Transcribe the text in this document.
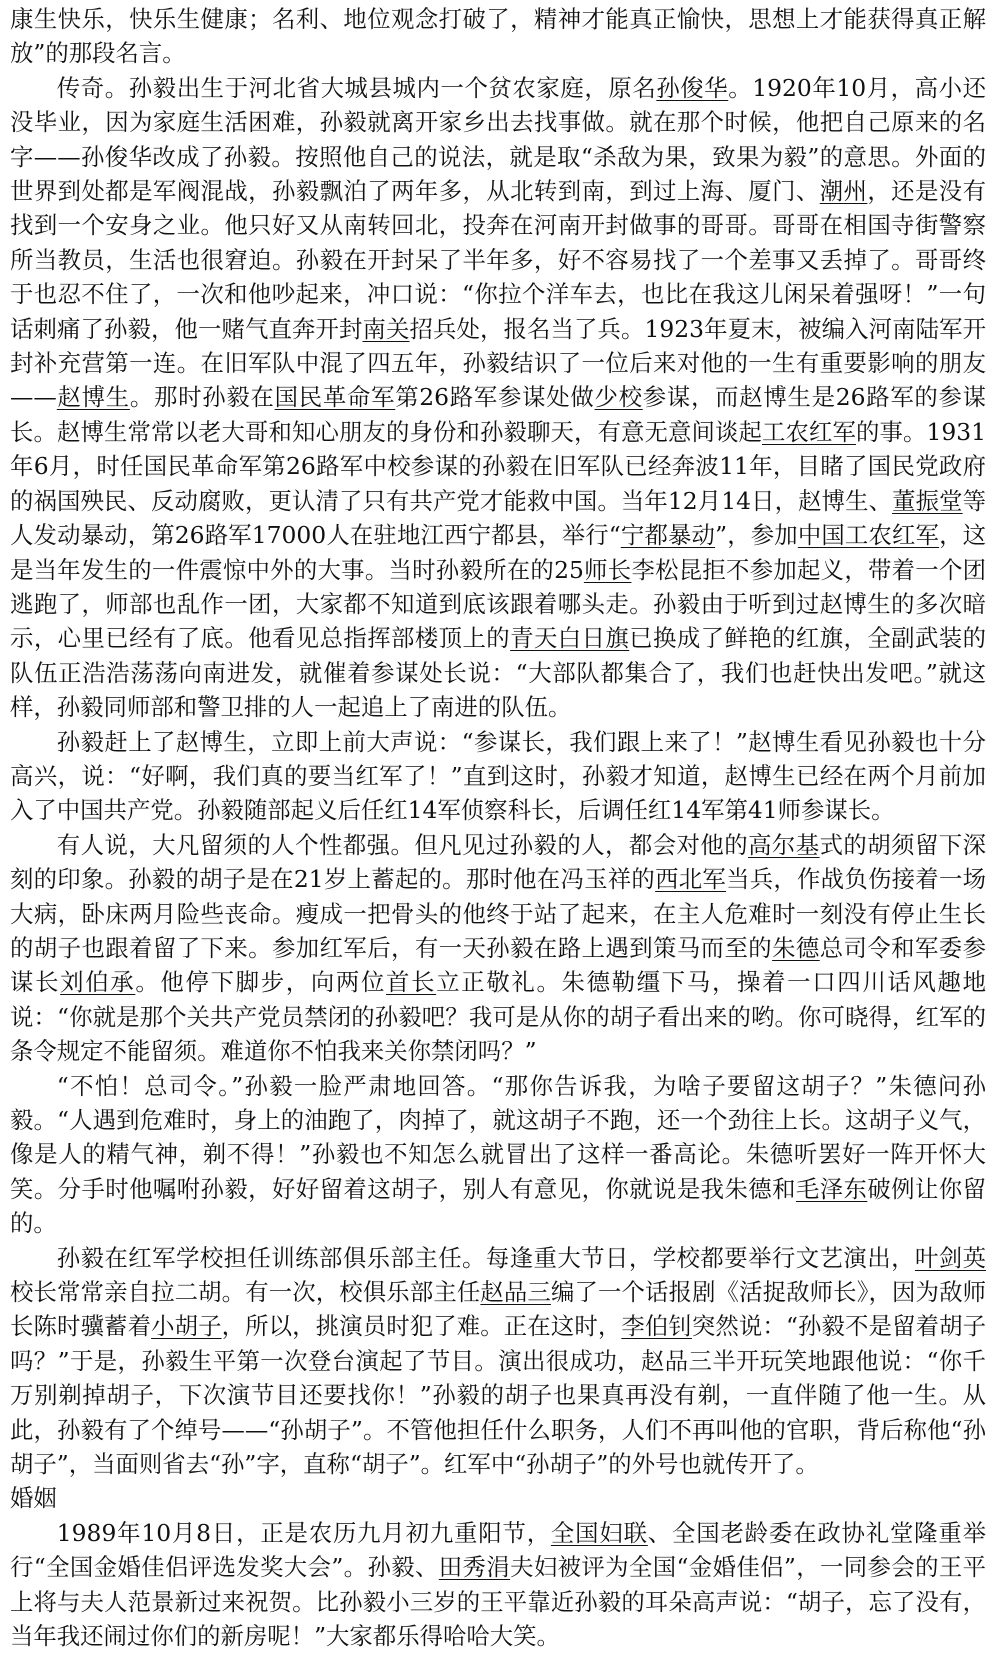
康生快乐，快乐生健康；名利、地位观念打破了，精神才能真正愉快，思想上才能获得真正解放”的那段名言。

传奇。孙毅出生于河北省大城县城内一个贫农家庭，原名孙俊华。1920年10月，高小还没毕业，因为家庭生活困难，孙毅就离开家乡出去找事做。就在那个时候，他把自己原来的名字——孙俊华改成了孙毅。按照他自己的说法，就是取“杀敌为果，致果为毅”的意思。外面的世界到处都是军阀混战，孙毅飘泊了两年多，从北转到南，到过上海、厦门、潮州，还是没有找到一个安身之业。他只好又从南转回北，投奔在河南开封做事的哥哥。哥哥在相国寺街警察所当教员，生活也很窘迫。孙毅在开封呆了半年多，好不容易找了一个差事又丢掉了。哥哥终于也忍不住了，一次和他吵起来，冲口说：“你拉个洋车去，也比在我这儿闲呆着强呀！”一句话刺痛了孙毅，他一赌气直奔开封南关招兵处，报名当了兵。1923年夏末，被编入河南陆军开封补充营第一连。在旧军队中混了四五年，孙毅结识了一位后来对他的一生有重要影响的朋友——赵博生。那时孙毅在国民革命军第26路军参谋处做少校参谋，而赵博生是26路军的参谋长。赵博生常常以老大哥和知心朋友的身份和孙毅聊天，有意无意间谈起工农红军的事。1931年6月，时任国民革命军第26路军中校参谋的孙毅在旧军队已经奔波11年，目睹了国民党政府的祸国殃民、反动腐败，更认清了只有共产党才能救中国。当年12月14日，赵博生、董振堂等人发动暴动，第26路军17000人在驻地江西宁都县，举行“宁都暴动”，参加中国工农红军，这是当年发生的一件震惊中外的大事。当时孙毅所在的25师长李松昆拒不参加起义，带着一个团逃跑了，师部也乱作一团，大家都不知道到底该跟着哪头走。孙毅由于听到过赵博生的多次暗示，心里已经有了底。他看见总指挥部楼顶上的青天白日旗已换成了鲜艳的红旗，全副武装的队伍正浩浩荡荡向南进发，就催着参谋处长说：“大部队都集合了，我们也赶快出发吧。”就这样，孙毅同师部和警卫排的人一起追上了南进的队伍。

孙毅赶上了赵博生，立即上前大声说：“参谋长，我们跟上来了！”赵博生看见孙毅也十分高兴，说：“好啊，我们真的要当红军了！”直到这时，孙毅才知道，赵博生已经在两个月前加入了中国共产党。孙毅随部起义后任红14军侦察科长，后调任红14军第41师参谋长。

有人说，大凡留须的人个性都强。但凡见过孙毅的人，都会对他的高尔基式的胡须留下深刻的印象。孙毅的胡子是在21岁上蓄起的。那时他在冯玉祥的西北军当兵，作战负伤接着一场大病，卧床两月险些丧命。瘦成一把骨头的他终于站了起来，在主人危难时一刻没有停止生长的胡子也跟着留了下来。参加红军后，有一天孙毅在路上遇到策马而至的朱德总司令和军委参谋长刘伯承。他停下脚步，向两位首长立正敬礼。朱德勒缰下马，操着一口四川话风趣地说：“你就是那个关共产党员禁闭的孙毅吧？我可是从你的胡子看出来的哟。你可晓得，红军的条令规定不能留须。难道你不怕我来关你禁闭吗？”

“不怕！总司令。”孙毅一脸严肃地回答。“那你告诉我，为啥子要留这胡子？”朱德问孙毅。“人遇到危难时，身上的油跑了，肉掉了，就这胡子不跑，还一个劲往上长。这胡子义气，像是人的精气神，剃不得！”孙毅也不知怎么就冒出了这样一番高论。朱德听罢好一阵开怀大笑。分手时他嘱咐孙毅，好好留着这胡子，别人有意见，你就说是我朱德和毛泽东破例让你留的。

孙毅在红军学校担任训练部俱乐部主任。每逢重大节日，学校都要举行文艺演出，叶剑英校长常常亲自拉二胡。有一次，校俱乐部主任赵品三编了一个话报剧《活捉敌师长》，因为敌师长陈时骥蓄着小胡子，所以，挑演员时犯了难。正在这时，李伯钊突然说：“孙毅不是留着胡子吗？”于是，孙毅生平第一次登台演起了节目。演出很成功，赵品三半开玩笑地跟他说：“你千万别剃掉胡子，下次演节目还要找你！”孙毅的胡子也果真再没有剃，一直伴随了他一生。从此，孙毅有了个绰号——“孙胡子”。不管他担任什么职务，人们不再叫他的官职，背后称他“孙胡子”，当面则省去“孙”字，直称“胡子”。红军中“孙胡子”的外号也就传开了。

婚姻

1989年10月8日，正是农历九月初九重阳节，全国妇联、全国老龄委在政协礼堂隆重举行“全国金婚佳侣评选发奖大会”。孙毅、田秀涓夫妇被评为全国“金婚佳侣”，一同参会的王平上将与夫人范景新过来祝贺。比孙毅小三岁的王平靠近孙毅的耳朵高声说：“胡子，忘了没有，当年我还闹过你们的新房呢！”大家都乐得哈哈大笑。
